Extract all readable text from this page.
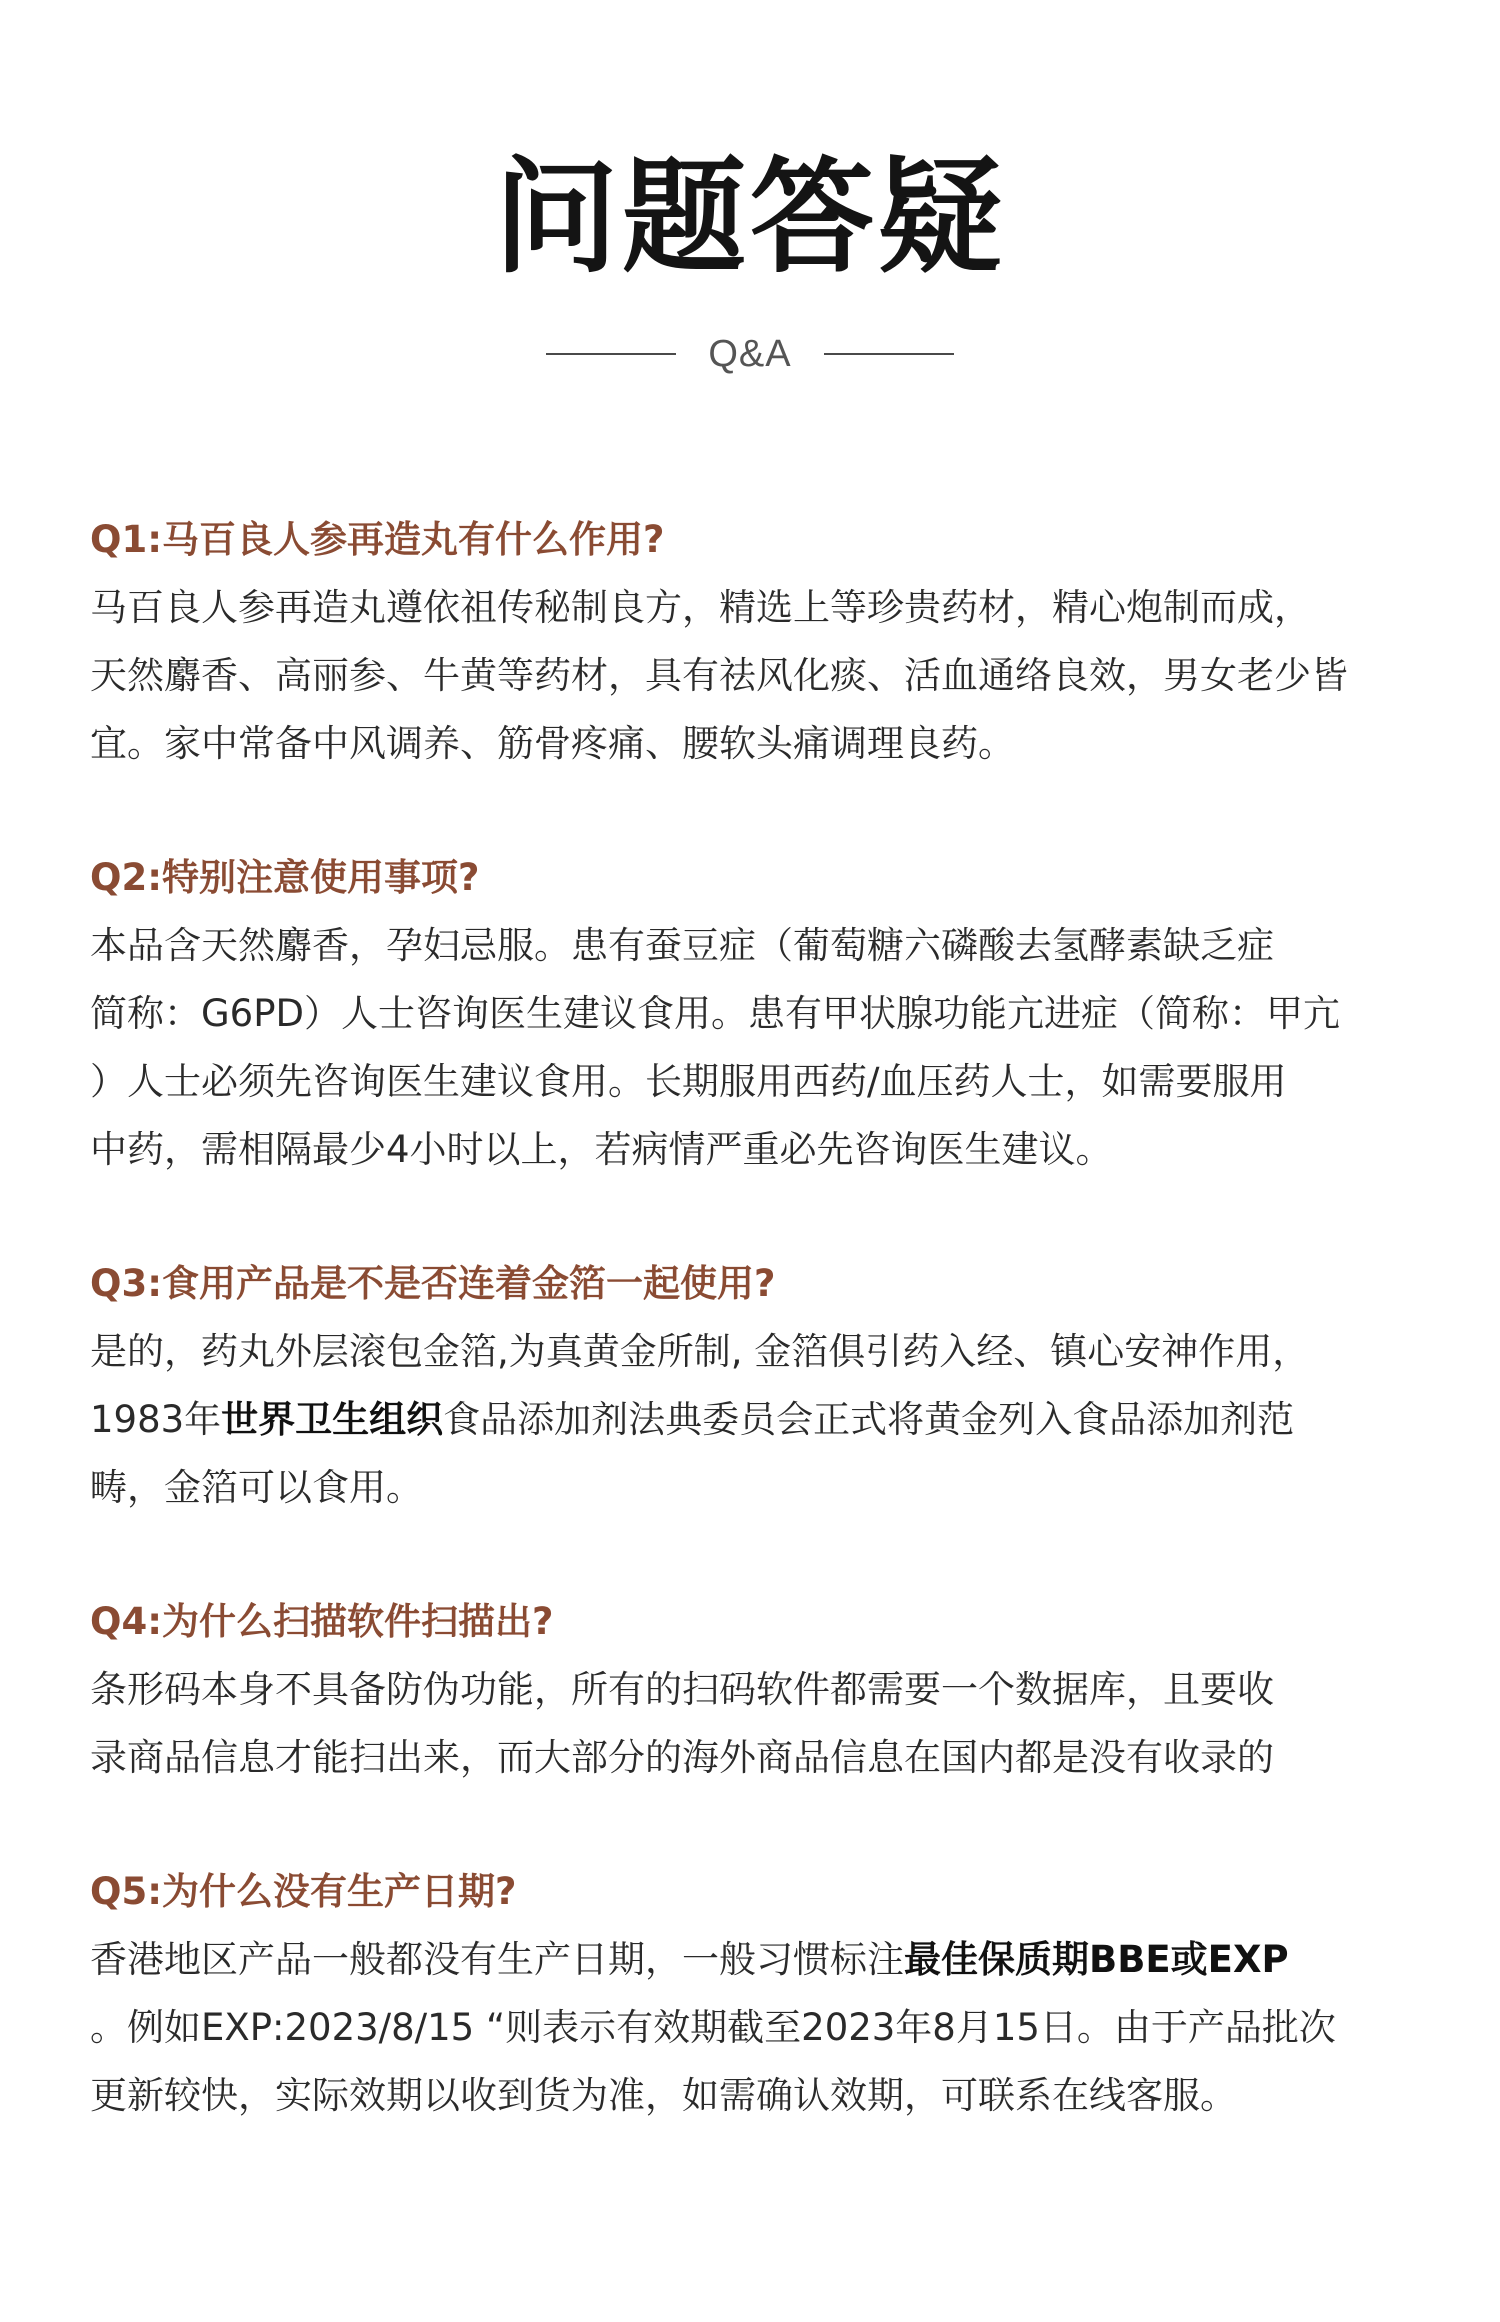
问题答疑
Q&A
Q1:马百良人参再造丸有什么作用?
马百良人参再造丸遵依祖传秘制良方，精选上等珍贵药材，精心炮制而成，
天然麝香、高丽参、牛黄等药材，具有祛风化痰、活血通络良效，男女老少皆
宜。家中常备中风调养、筋骨疼痛、腰软头痛调理良药。
Q2:特别注意使用事项?
本品含天然麝香，孕妇忌服。患有蚕豆症（葡萄糖六磷酸去氢酵素缺乏症
简称：G6PD）人士咨询医生建议食用。患有甲状腺功能亢进症（简称：甲亢
）人士必须先咨询医生建议食用。长期服用西药/血压药人士，如需要服用
中药，需相隔最少4小时以上，若病情严重必先咨询医生建议。
Q3:食用产品是不是否连着金箔一起使用?
是的，药丸外层滚包金箔,为真黄金所制, 金箔俱引药入经、镇心安神作用，
1983年世界卫生组织食品添加剂法典委员会正式将黄金列入食品添加剂范
畴，金箔可以食用。
Q4:为什么扫描软件扫描出?
条形码本身不具备防伪功能，所有的扫码软件都需要一个数据库，且要收
录商品信息才能扫出来，而大部分的海外商品信息在国内都是没有收录的
Q5:为什么没有生产日期?
香港地区产品一般都没有生产日期，一般习惯标注最佳保质期BBE或EXP
。例如EXP:2023/8/15 “则表示有效期截至2023年8月15日。由于产品批次
更新较快，实际效期以收到货为准，如需确认效期，可联系在线客服。
